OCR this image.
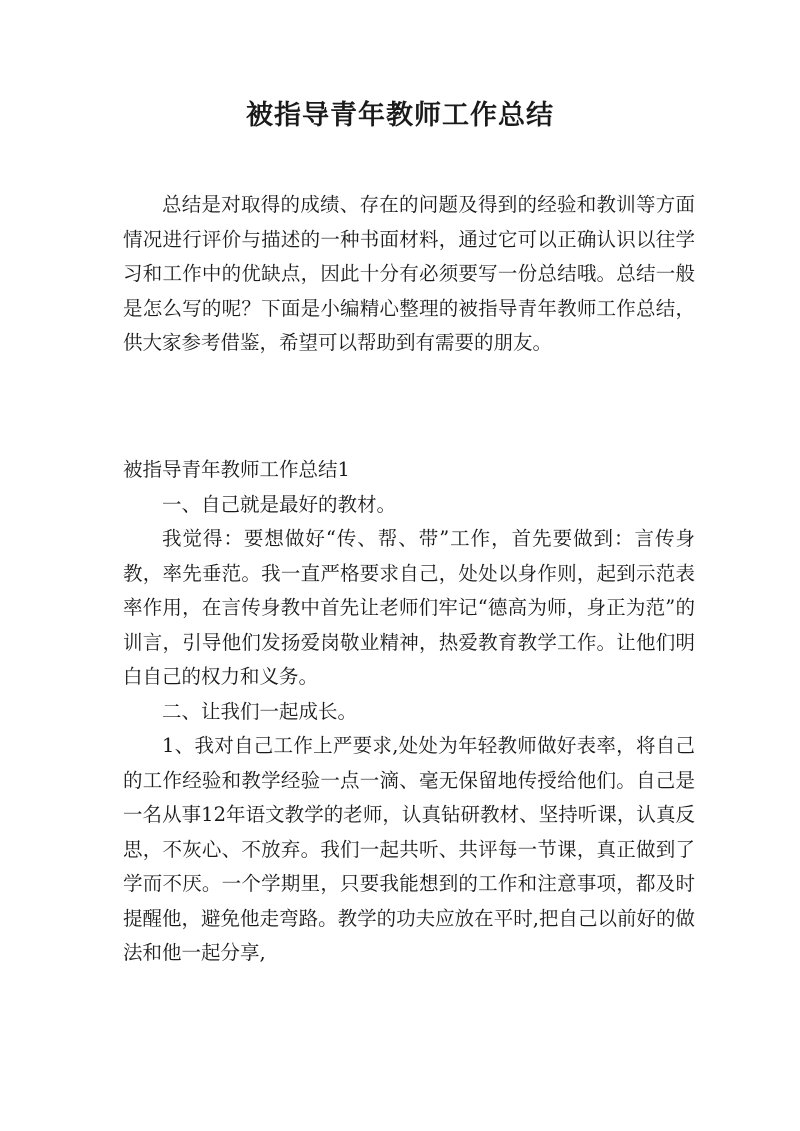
被指导青年教师工作总结

总结是对取得的成绩、存在的问题及得到的经验和教训等方面情况进行评价与描述的一种书面材料，通过它可以正确认识以往学习和工作中的优缺点，因此十分有必须要写一份总结哦。总结一般是怎么写的呢？下面是小编精心整理的被指导青年教师工作总结，供大家参考借鉴，希望可以帮助到有需要的朋友。

被指导青年教师工作总结1

一、自己就是最好的教材。

我觉得：要想做好“传、帮、带”工作，首先要做到：言传身教，率先垂范。我一直严格要求自己，处处以身作则，起到示范表率作用，在言传身教中首先让老师们牢记“德高为师，身正为范”的训言，引导他们发扬爱岗敬业精神，热爱教育教学工作。让他们明白自己的权力和义务。

二、让我们一起成长。

1、我对自己工作上严要求,处处为年轻教师做好表率，将自己的工作经验和教学经验一点一滴、毫无保留地传授给他们。自己是一名从事12年语文教学的老师，认真钻研教材、坚持听课，认真反思，不灰心、不放弃。我们一起共听、共评每一节课，真正做到了学而不厌。一个学期里，只要我能想到的工作和注意事项，都及时提醒他，避免他走弯路。教学的功夫应放在平时,把自己以前好的做法和他一起分享,
